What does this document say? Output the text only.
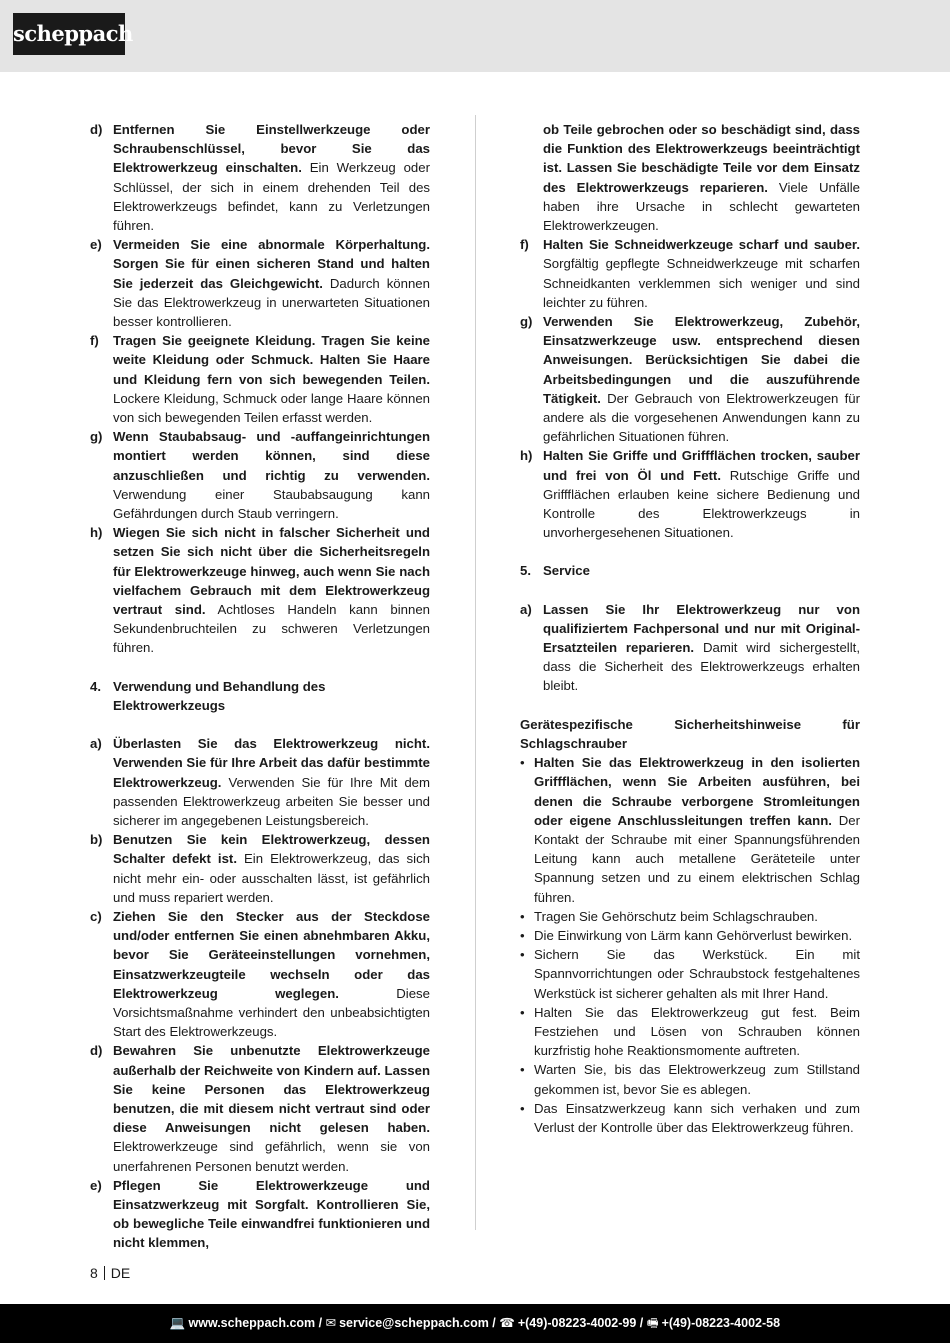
scheppach
d) Entfernen Sie Einstellwerkzeuge oder Schraubenschlüssel, bevor Sie das Elektrowerkzeug einschalten. Ein Werkzeug oder Schlüssel, der sich in einem drehenden Teil des Elektrowerkzeugs befindet, kann zu Verletzungen führen.
e) Vermeiden Sie eine abnormale Körperhaltung. Sorgen Sie für einen sicheren Stand und halten Sie jederzeit das Gleichgewicht. Dadurch können Sie das Elektrowerkzeug in unerwarteten Situationen besser kontrollieren.
f)	Tragen Sie geeignete Kleidung. Tragen Sie keine weite Kleidung oder Schmuck. Halten Sie Haare und Kleidung fern von sich bewegenden Teilen. Lockere Kleidung, Schmuck oder lange Haare können von sich bewegenden Teilen erfasst werden.
g) Wenn Staubabsaug- und -auffangeinrichtungen montiert werden können, sind diese anzuschließen und richtig zu verwenden. Verwendung einer Staubabsaugung kann Gefährdungen durch Staub verringern.
h) Wiegen Sie sich nicht in falscher Sicherheit und setzen Sie sich nicht über die Sicherheitsregeln für Elektrowerkzeuge hinweg, auch wenn Sie nach vielfachem Gebrauch mit dem Elektrowerkzeug vertraut sind. Achtloses Handeln kann binnen Sekundenbruchteilen zu schweren Verletzungen führen.
4. Verwendung und Behandlung des Elektrowerkzeugs
a) Überlasten Sie das Elektrowerkzeug nicht. Verwenden Sie für Ihre Arbeit das dafür bestimmte Elektrowerkzeug. Verwenden Sie für Ihre Mit dem passenden Elektrowerkzeug arbeiten Sie besser und sicherer im angegebenen Leistungsbereich.
b) Benutzen Sie kein Elektrowerkzeug, dessen Schalter defekt ist. Ein Elektrowerkzeug, das sich nicht mehr ein- oder ausschalten lässt, ist gefährlich und muss repariert werden.
c) Ziehen Sie den Stecker aus der Steckdose und/oder entfernen Sie einen abnehmbaren Akku, bevor Sie Geräteeinstellungen vornehmen, Einsatzwerkzeugteile wechseln oder das Elektrowerkzeug weglegen. Diese Vorsichtsmaßnahme verhindert den unbeabsichtigten Start des Elektrowerkzeugs.
d) Bewahren Sie unbenutzte Elektrowerkzeuge außerhalb der Reichweite von Kindern auf. Lassen Sie keine Personen das Elektrowerkzeug benutzen, die mit diesem nicht vertraut sind oder diese Anweisungen nicht gelesen haben. Elektrowerkzeuge sind gefährlich, wenn sie von unerfahrenen Personen benutzt werden.
e) Pflegen Sie Elektrowerkzeuge und Einsatzwerkzeug mit Sorgfalt. Kontrollieren Sie, ob bewegliche Teile einwandfrei funktionieren und nicht klemmen,
ob Teile gebrochen oder so beschädigt sind, dass die Funktion des Elektrowerkzeugs beeinträchtigt ist. Lassen Sie beschädigte Teile vor dem Einsatz des Elektrowerkzeugs reparieren. Viele Unfälle haben ihre Ursache in schlecht gewarteten Elektrowerkzeugen.
f)	Halten Sie Schneidwerkzeuge scharf und sauber. Sorgfältig gepflegte Schneidwerkzeuge mit scharfen Schneidkanten verklemmen sich weniger und sind leichter zu führen.
g) Verwenden Sie Elektrowerkzeug, Zubehör, Einsatzwerkzeuge usw. entsprechend diesen Anweisungen. Berücksichtigen Sie dabei die Arbeitsbedingungen und die auszuführende Tätigkeit. Der Gebrauch von Elektrowerkzeugen für andere als die vorgesehenen Anwendungen kann zu gefährlichen Situationen führen.
h) Halten Sie Griffe und Griffflächen trocken, sauber und frei von Öl und Fett. Rutschige Griffe und Griffflächen erlauben keine sichere Bedienung und Kontrolle des Elektrowerkzeugs in unvorhergesehenen Situationen.
5. Service
a) Lassen Sie Ihr Elektrowerkzeug nur von qualifiziertem Fachpersonal und nur mit Original-Ersatzteilen reparieren. Damit wird sichergestellt, dass die Sicherheit des Elektrowerkzeugs erhalten bleibt.
Gerätespezifische Sicherheitshinweise für Schlagschrauber
• Halten Sie das Elektrowerkzeug in den isolierten Griffflächen, wenn Sie Arbeiten ausführen, bei denen die Schraube verborgene Stromleitungen oder eigene Anschlussleitungen treffen kann. Der Kontakt der Schraube mit einer Spannungsführenden Leitung kann auch metallene Geräteteile unter Spannung setzen und zu einem elektrischen Schlag führen.
• Tragen Sie Gehörschutz beim Schlagschrauben.
• Die Einwirkung von Lärm kann Gehörverlust bewirken.
• Sichern Sie das Werkstück. Ein mit Spannvorrichtungen oder Schraubstock festgehaltenes Werkstück ist sicherer gehalten als mit Ihrer Hand.
• Halten Sie das Elektrowerkzeug gut fest. Beim Festziehen und Lösen von Schrauben können kurzfristig hohe Reaktionsmomente auftreten.
• Warten Sie, bis das Elektrowerkzeug zum Stillstand gekommen ist, bevor Sie es ablegen.
• Das Einsatzwerkzeug kann sich verhaken und zum Verlust der Kontrolle über das Elektrowerkzeug führen.
8 DE
💻 www.scheppach.com / ✉ service@scheppach.com / ☎ +(49)-08223-4002-99 / 🖷 +(49)-08223-4002-58
